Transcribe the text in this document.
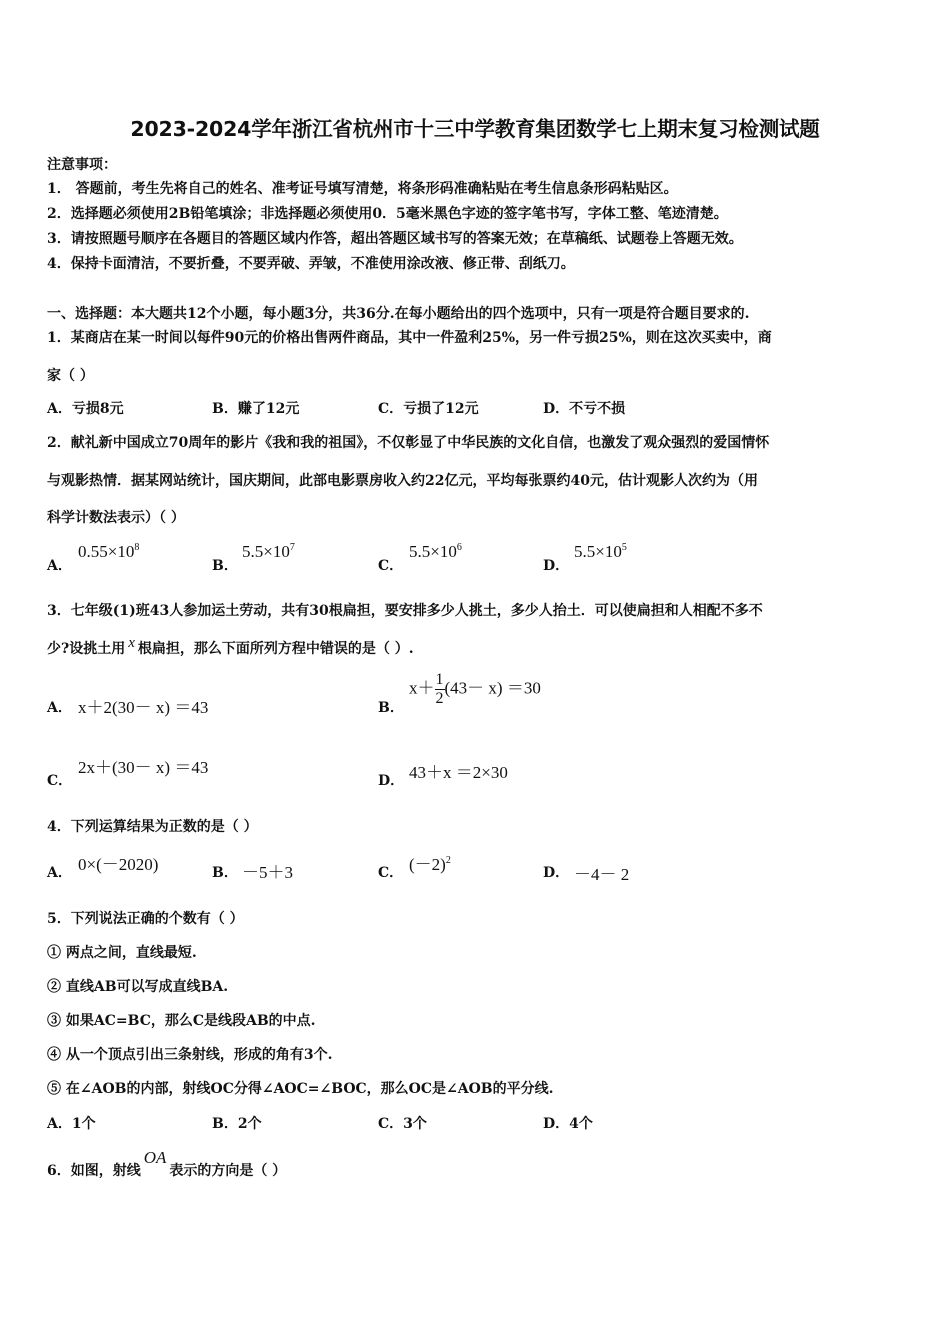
2023-2024学年浙江省杭州市十三中学教育集团数学七上期末复习检测试题
注意事项：
1． 答题前，考生先将自己的姓名、准考证号填写清楚，将条形码准确粘贴在考生信息条形码粘贴区。
2．选择题必须使用2B铅笔填涂；非选择题必须使用0．5毫米黑色字迹的签字笔书写，字体工整、笔迹清楚。
3．请按照题号顺序在各题目的答题区域内作答，超出答题区域书写的答案无效；在草稿纸、试题卷上答题无效。
4．保持卡面清洁，不要折叠，不要弄破、弄皱，不准使用涂改液、修正带、刮纸刀。
一、选择题：本大题共12个小题，每小题3分，共36分.在每小题给出的四个选项中，只有一项是符合题目要求的.
1．某商店在某一时间以每件90元的价格出售两件商品，其中一件盈利25%，另一件亏损25%，则在这次买卖中，商
家（ ）
A．亏损8元	B．赚了12元	C．亏损了12元	D．不亏不损
2．献礼新中国成立70周年的影片《我和我的祖国》，不仅彰显了中华民族的文化自信，也激发了观众强烈的爱国情怀
与观影热情．据某网站统计，国庆期间，此部电影票房收入约22亿元，平均每张票约40元，估计观影人次约为（用
科学计数法表示）（ ）
A．
$0.55\times 10^8$
B．
$5.5\times 10^7$
C．
$5.5\times 10^6$
D．
$5.5\times 10^5$
3．七年级(1)班43人参加运土劳动，共有30根扁担，要安排多少人挑土，多少人抬土．可以使扁担和人相配不多不
少?设挑土用 x 根扁担，那么下面所列方程中错误的是（ ）.
A． x＋2(30－ x) ＝43	B．
$x+ \frac{1}{2} (43- x) =30$
C．
2x＋(30－ x) ＝43
D． 43＋x ＝2×30
4．下列运算结果为正数的是（ ）
A． 0×(－2020)	B． －5＋3	C． $(-2)^2$
D． －4－ 2
5．下列说法正确的个数有（ ）
① 两点之间，直线最短.
② 直线AB可以写成直线BA.
③ 如果AC=BC，那么C是线段AB的中点.
④ 从一个顶点引出三条射线，形成的角有3个.
⑤ 在∠AOB的内部，射线OC分得∠AOC=∠BOC，那么OC是∠AOB的平分线.
A．1个	B．2个	C．3个	D．4个
6．如图，射线OA表示的方向是（ ）
